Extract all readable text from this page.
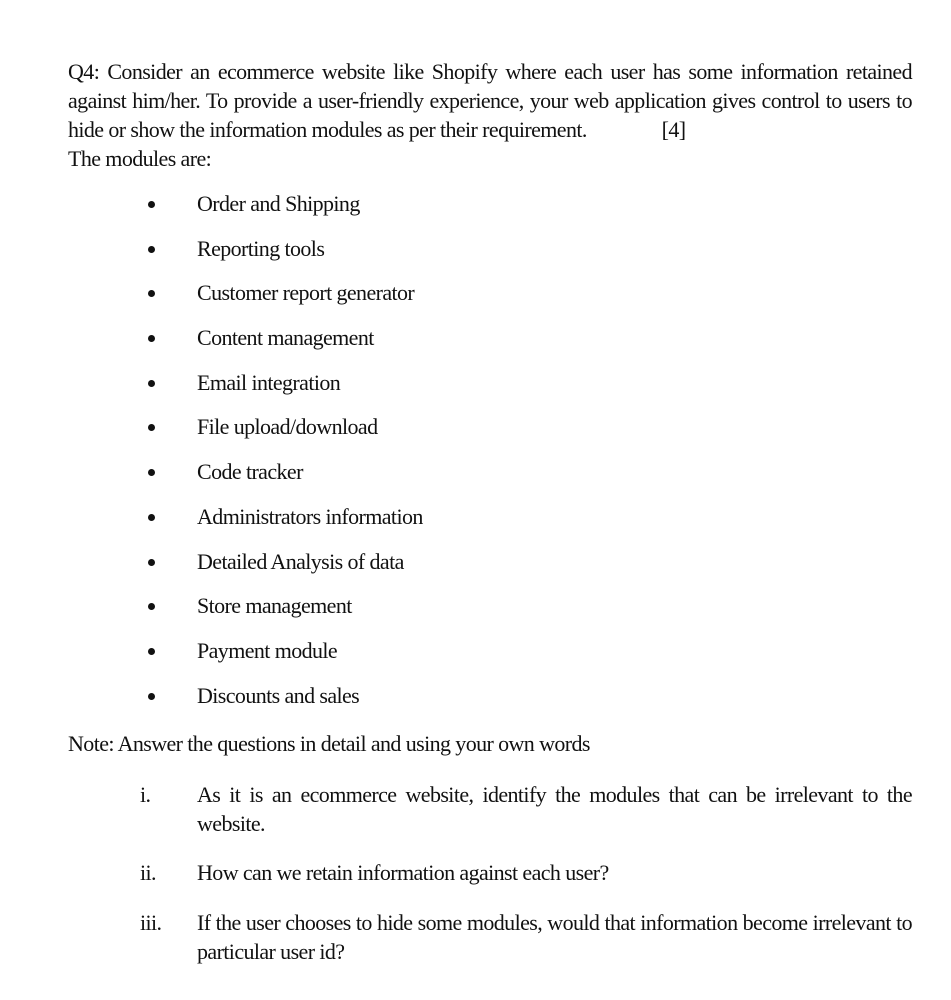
Q4: Consider an ecommerce website like Shopify where each user has some information retained against him/her. To provide a user-friendly experience, your web application gives control to users to hide or show the information modules as per their requirement.	[4]
The modules are:

Order and Shipping
Reporting tools
Customer report generator
Content management
Email integration
File upload/download
Code tracker
Administrators information
Detailed Analysis of data
Store management
Payment module
Discounts and sales
Note: Answer the questions in detail and using your own words
i. As it is an ecommerce website, identify the modules that can be irrelevant to the website.
ii. How can we retain information against each user?
iii. If the user chooses to hide some modules, would that information become irrelevant to particular user id?
